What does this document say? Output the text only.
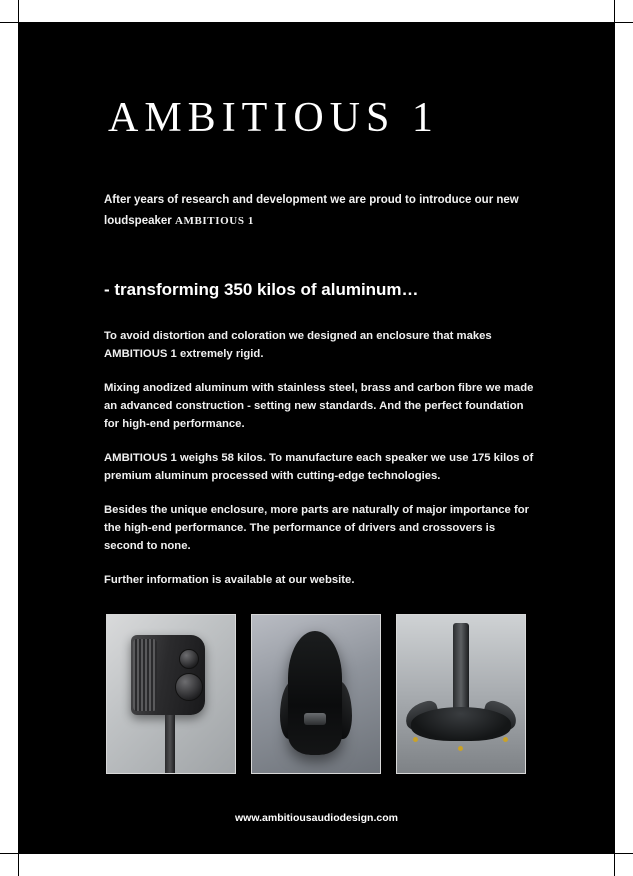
AMBITIOUS 1
After years of research and development we are proud to introduce our new
loudspeaker AMBITIOUS 1
- transforming 350 kilos of aluminum…

To avoid distortion and coloration we designed an enclosure that makes AMBITIOUS 1 extremely rigid.

Mixing anodized aluminum with stainless steel, brass and carbon fibre we made an advanced construction - setting new standards. And the perfect foundation for high-end performance.

AMBITIOUS 1 weighs 58 kilos. To manufacture each speaker we use 175 kilos of premium aluminum processed with cutting-edge technologies.

Besides the unique enclosure, more parts are naturally of major importance for the high-end performance. The performance of drivers and crossovers is second to none.

Further information is available at our website.

www.ambitiousaudiodesign.com
